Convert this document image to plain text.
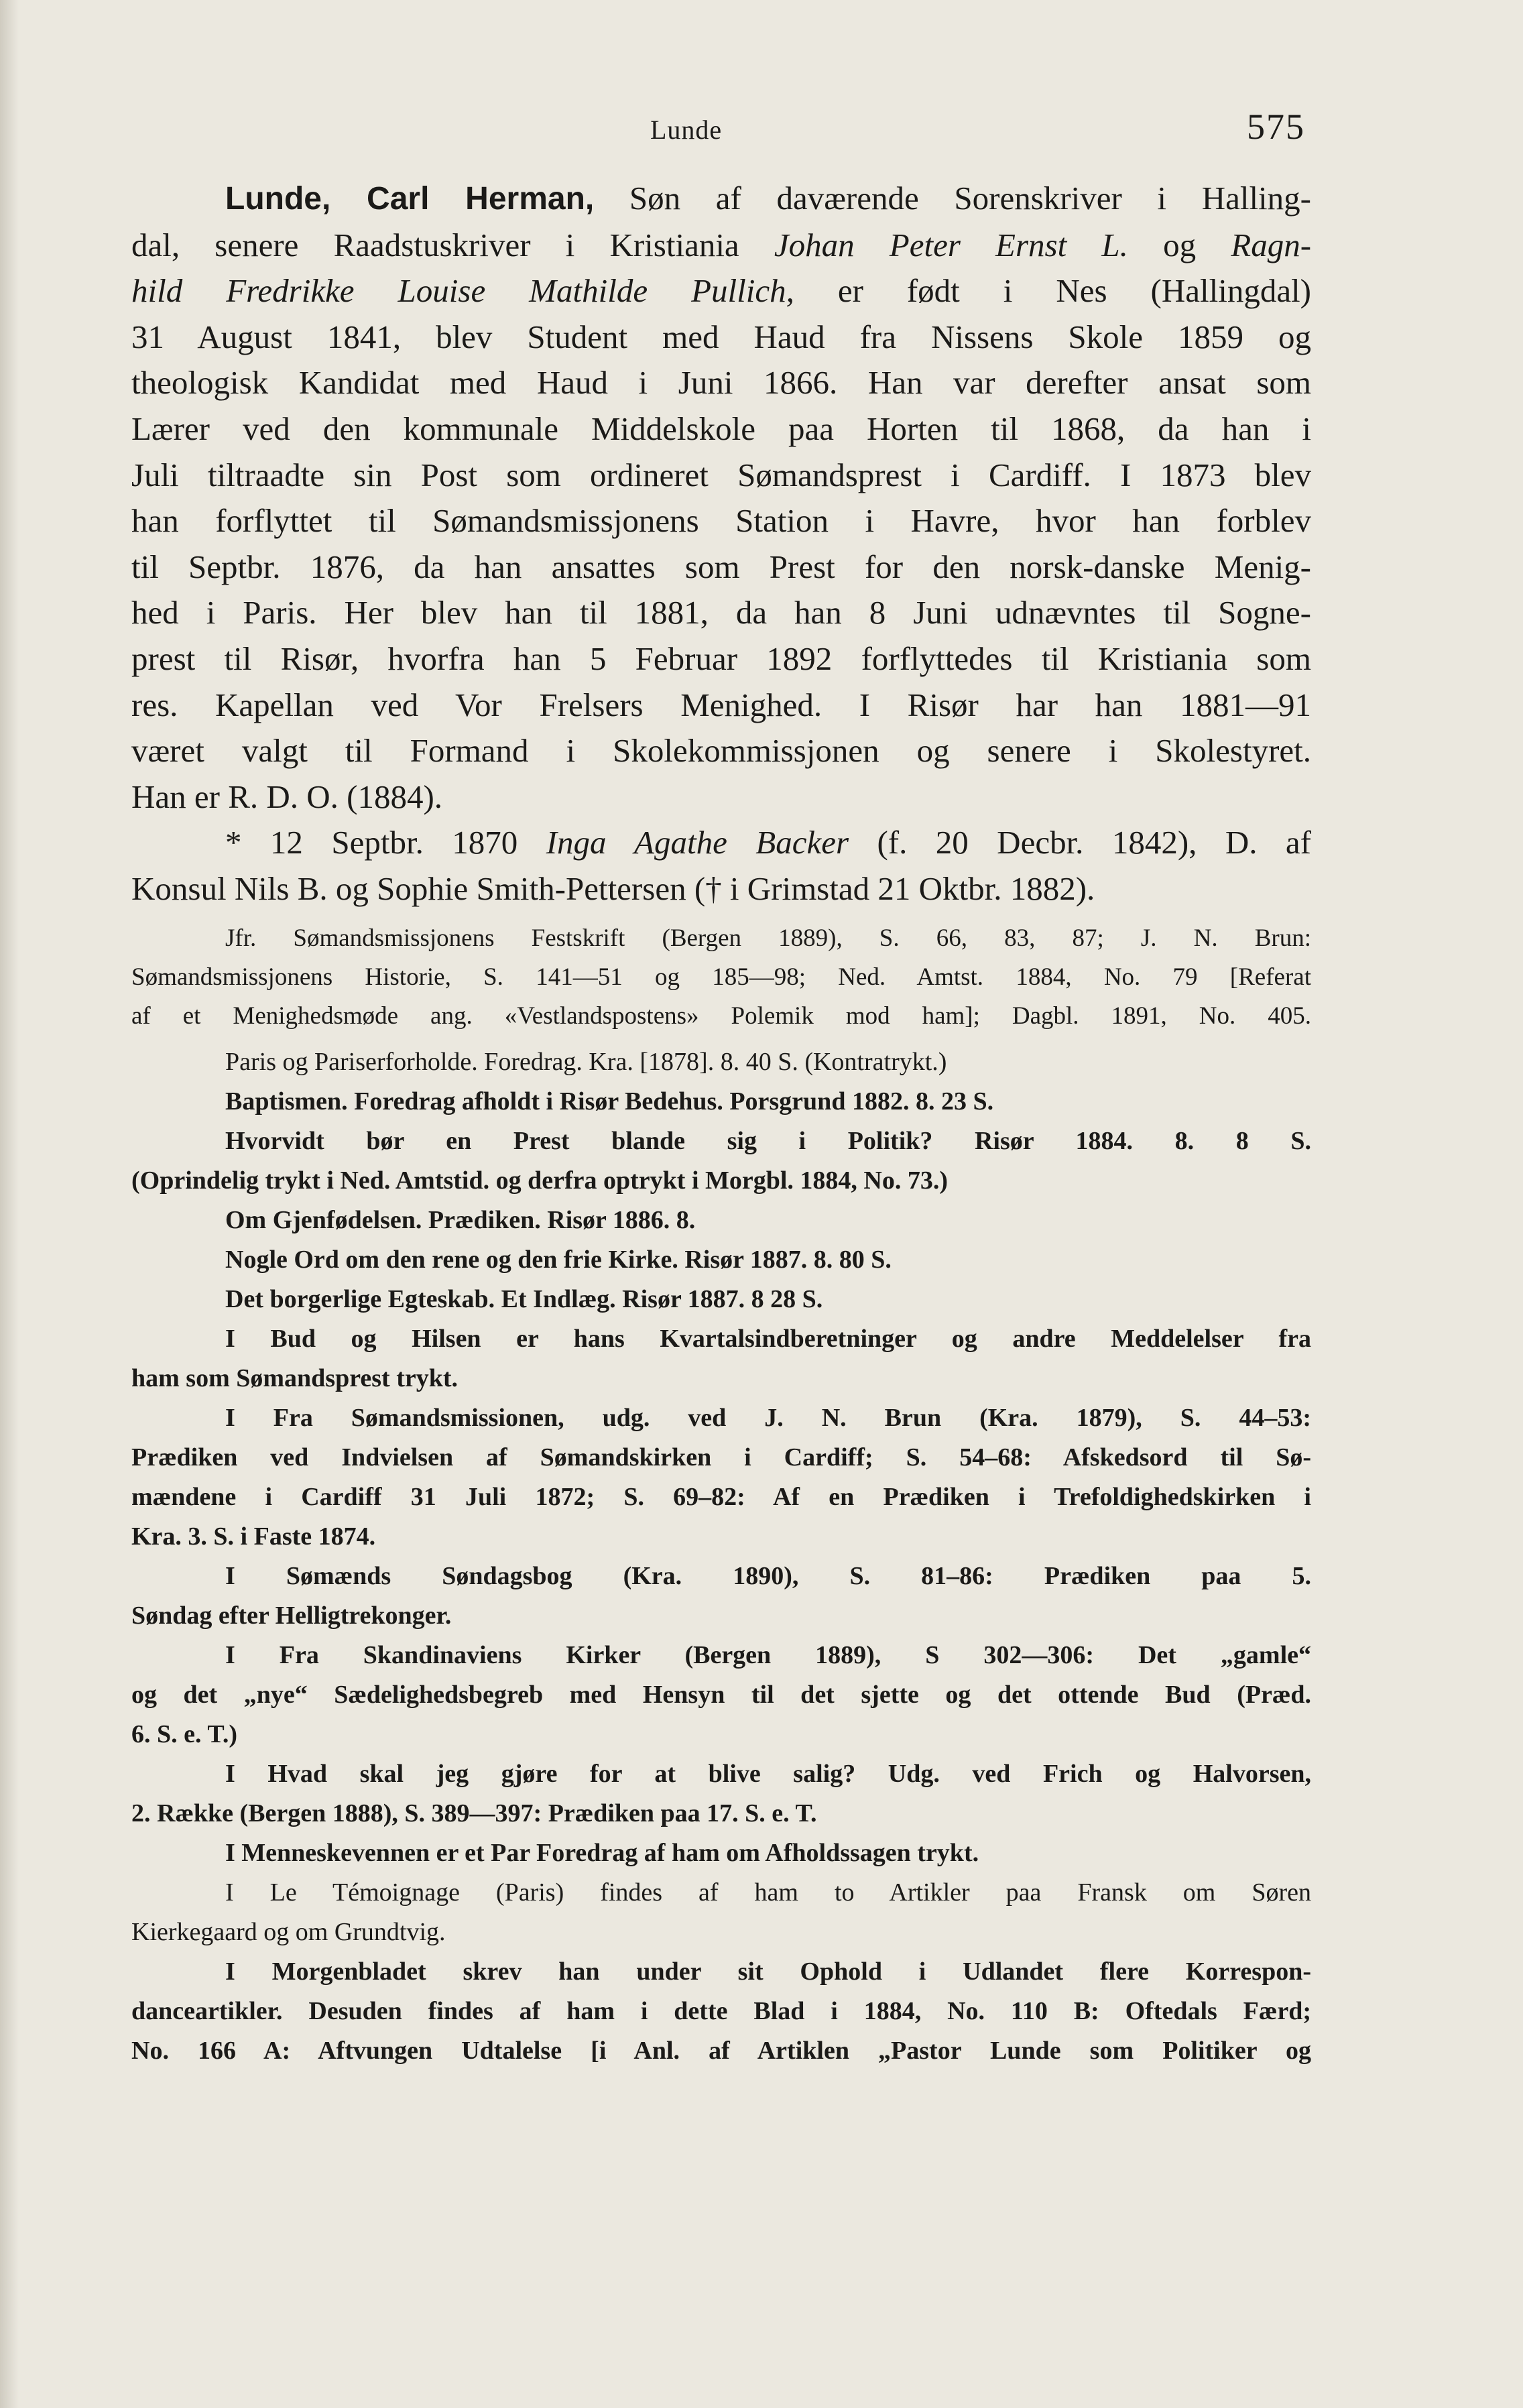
Lunde	575
Lunde, Carl Herman, Søn af daværende Sorenskriver i Halling-
dal, senere Raadstuskriver i Kristiania Johan Peter Ernst L. og Ragn-
hild Fredrikke Louise Mathilde Pullich, er født i Nes (Hallingdal)
31 August 1841, blev Student med Haud fra Nissens Skole 1859 og
theologisk Kandidat med Haud i Juni 1866. Han var derefter ansat som
Lærer ved den kommunale Middelskole paa Horten til 1868, da han i
Juli tiltraadte sin Post som ordineret Sømandsprest i Cardiff. I 1873 blev
han forflyttet til Sømandsmissjonens Station i Havre, hvor han forblev
til Septbr. 1876, da han ansattes som Prest for den norsk-danske Menig-
hed i Paris. Her blev han til 1881, da han 8 Juni udnævntes til Sogne-
prest til Risør, hvorfra han 5 Februar 1892 forflyttedes til Kristiania som
res. Kapellan ved Vor Frelsers Menighed. I Risør har han 1881—91
været valgt til Formand i Skolekommissjonen og senere i Skolestyret.
Han er R. D. O. (1884).
* 12 Septbr. 1870 Inga Agathe Backer (f. 20 Decbr. 1842), D. af
Konsul Nils B. og Sophie Smith-Pettersen († i Grimstad 21 Oktbr. 1882).
Jfr. Sømandsmissjonens Festskrift (Bergen 1889), S. 66, 83, 87; J. N. Brun:
Sømandsmissjonens Historie, S. 141—51 og 185—98; Ned. Amtst. 1884, No. 79 [Referat
af et Menighedsmøde ang. «Vestlandspostens» Polemik mod ham]; Dagbl. 1891, No. 405.
Paris og Pariserforholde. Foredrag. Kra. [1878]. 8. 40 S. (Kontratrykt.)
Baptismen. Foredrag afholdt i Risør Bedehus. Porsgrund 1882. 8. 23 S.
Hvorvidt bør en Prest blande sig i Politik? Risør 1884. 8. 8 S.
(Oprindelig trykt i Ned. Amtstid. og derfra optrykt i Morgbl. 1884, No. 73.)
Om Gjenfødelsen. Prædiken. Risør 1886. 8.
Nogle Ord om den rene og den frie Kirke. Risør 1887. 8. 80 S.
Det borgerlige Egteskab. Et Indlæg. Risør 1887. 8 28 S.
I Bud og Hilsen er hans Kvartalsindberetninger og andre Meddelelser fra
ham som Sømandsprest trykt.
I Fra Sømandsmissionen, udg. ved J. N. Brun (Kra. 1879), S. 44–53:
Prædiken ved Indvielsen af Sømandskirken i Cardiff; S. 54–68: Afskedsord til Sø-
mændene i Cardiff 31 Juli 1872; S. 69–82: Af en Prædiken i Trefoldighedskirken i
Kra. 3. S. i Faste 1874.
I Sømænds Søndagsbog (Kra. 1890), S. 81–86: Prædiken paa 5.
Søndag efter Helligtrekonger.
I Fra Skandinaviens Kirker (Bergen 1889), S 302—306: Det „gamle“
og det „nye“ Sædelighedsbegreb med Hensyn til det sjette og det ottende Bud (Præd.
6. S. e. T.)
I Hvad skal jeg gjøre for at blive salig? Udg. ved Frich og Halvorsen,
2. Række (Bergen 1888), S. 389—397: Prædiken paa 17. S. e. T.
I Menneskevennen er et Par Foredrag af ham om Afholdssagen trykt.
I Le Témoignage (Paris) findes af ham to Artikler paa Fransk om Søren
Kierkegaard og om Grundtvig.
I Morgenbladet skrev han under sit Ophold i Udlandet flere Korrespon-
danceartikler. Desuden findes af ham i dette Blad i 1884, No. 110 B: Oftedals Færd;
No. 166 A: Aftvungen Udtalelse [i Anl. af Artiklen „Pastor Lunde som Politiker og
